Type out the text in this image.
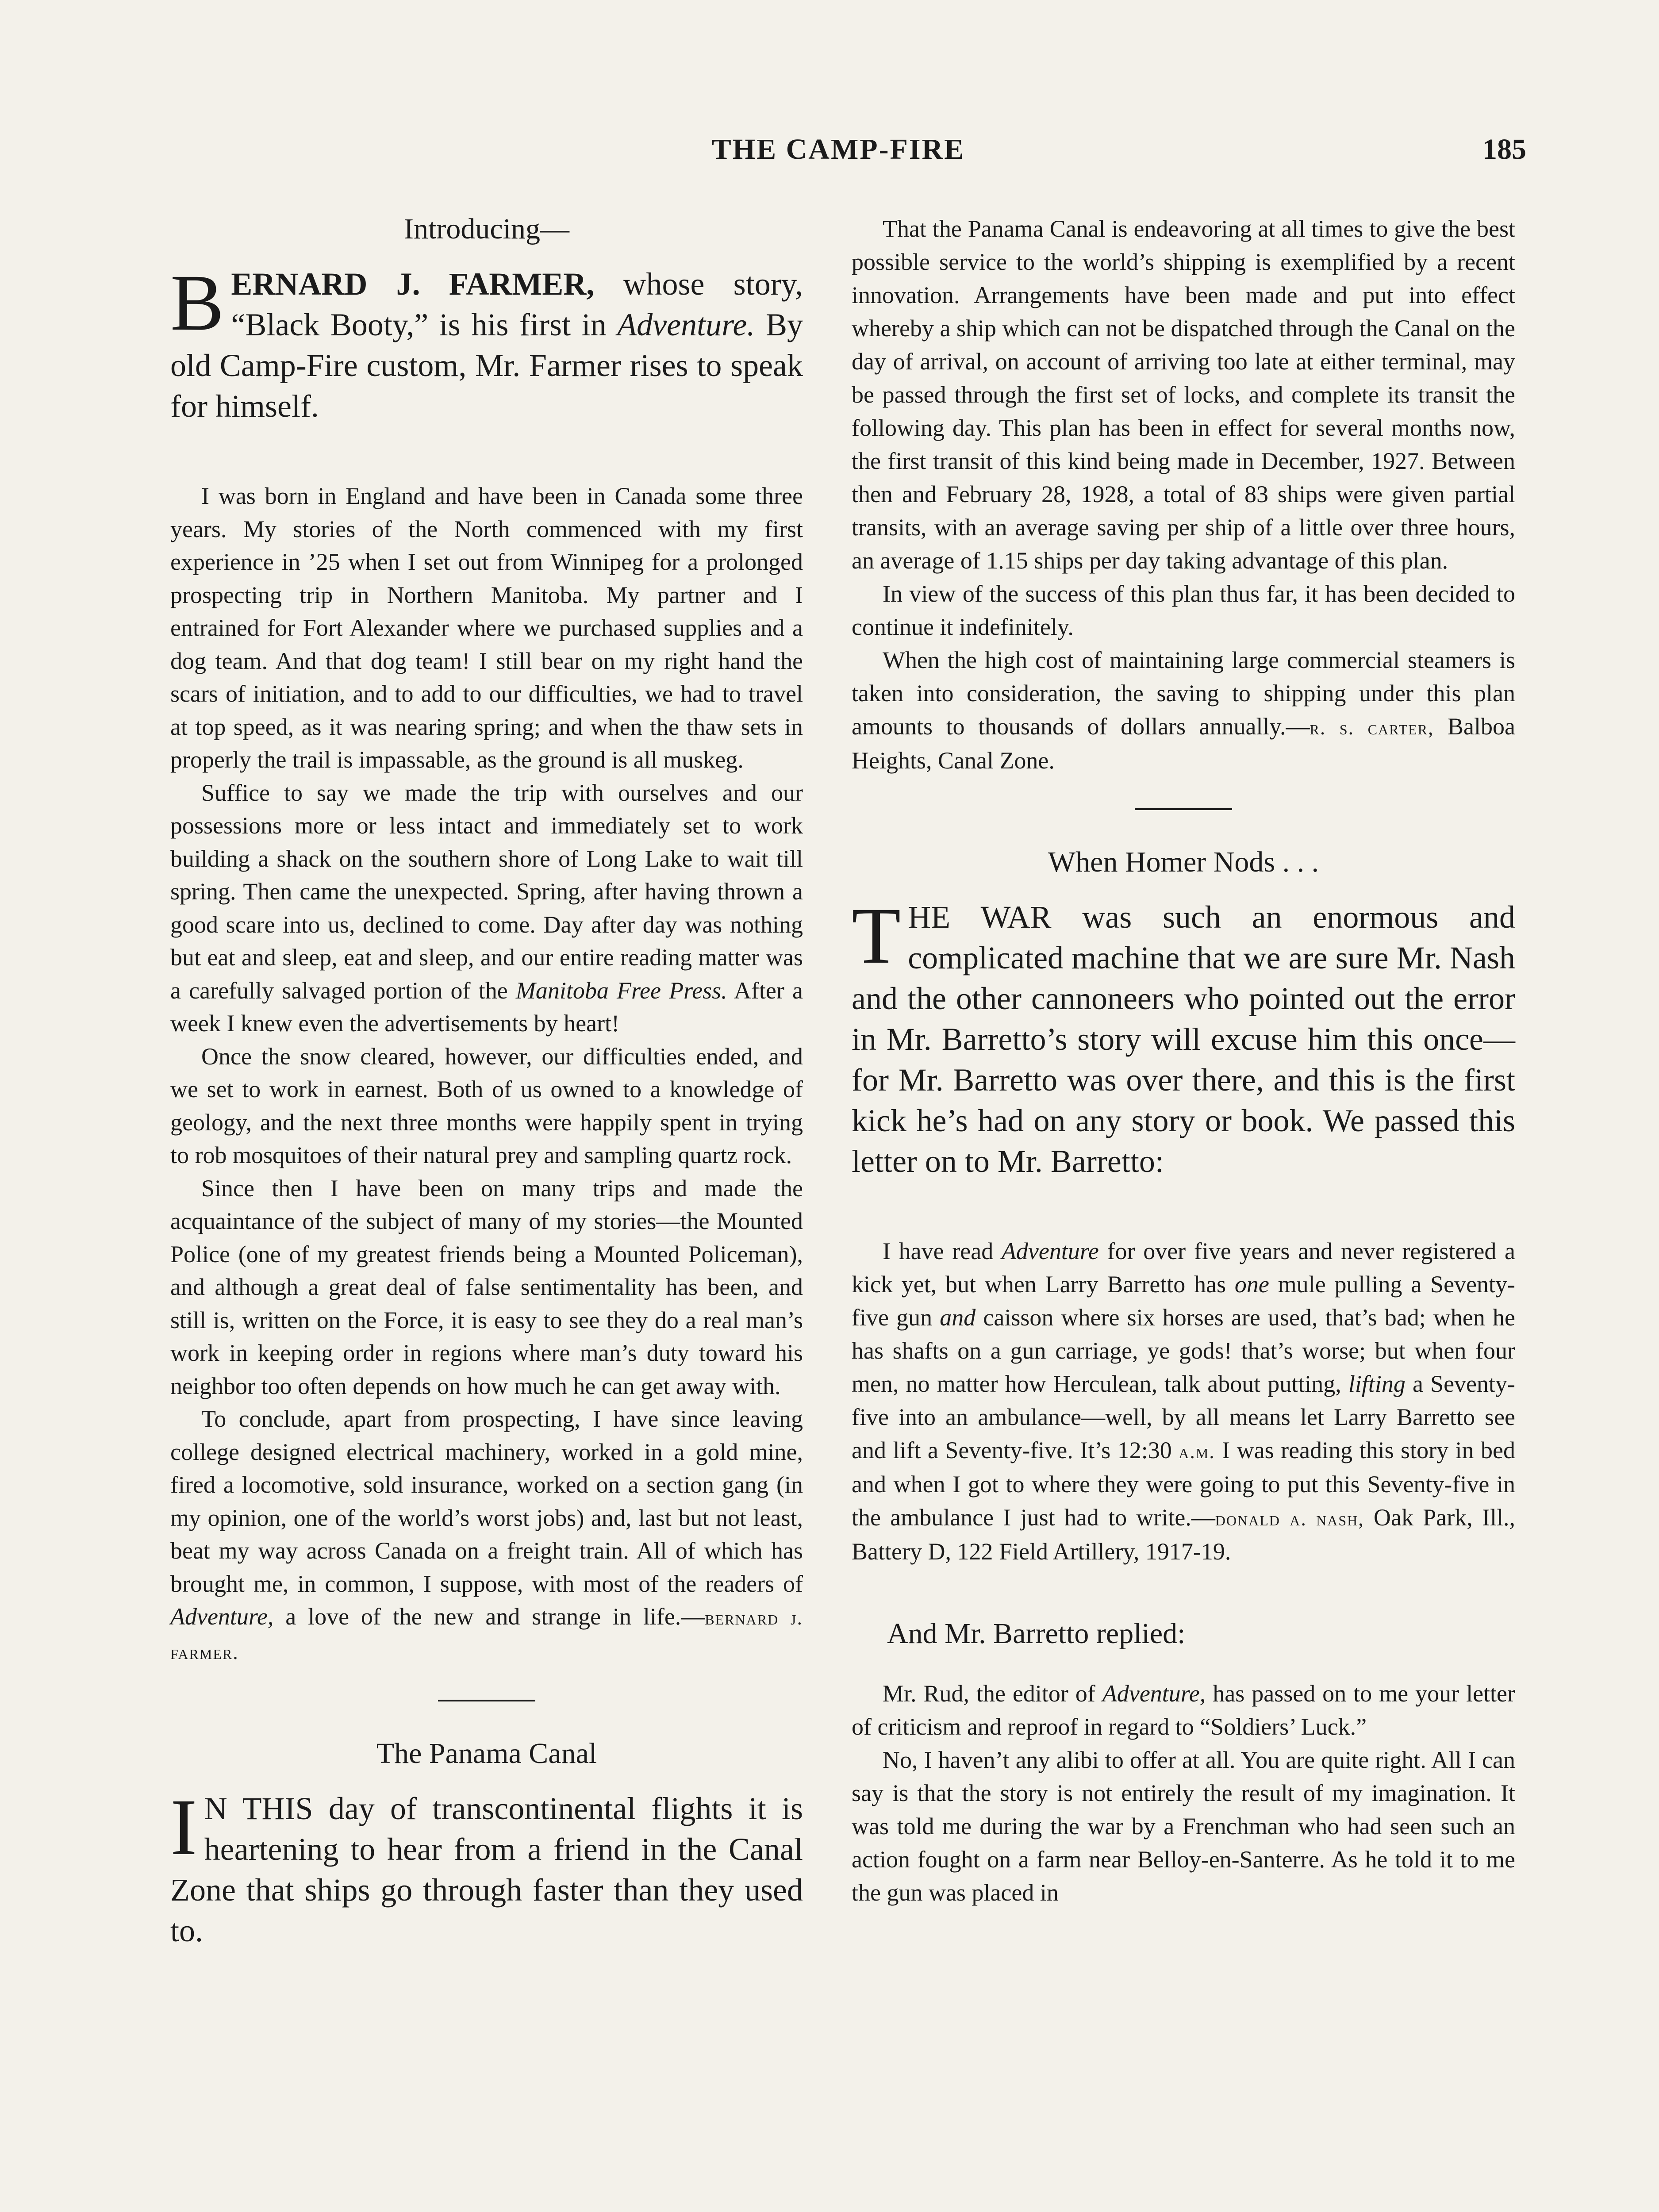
THE CAMP-FIRE	185
Introducing—
BERNARD J. FARMER, whose story, “Black Booty,” is his first in Adventure. By old Camp-Fire custom, Mr. Farmer rises to speak for himself.

I was born in England and have been in Canada some three years. My stories of the North commenced with my first experience in ’25 when I set out from Winnipeg for a prolonged prospecting trip in Northern Manitoba. My partner and I entrained for Fort Alexander where we purchased supplies and a dog team. And that dog team! I still bear on my right hand the scars of initiation, and to add to our difficulties, we had to travel at top speed, as it was nearing spring; and when the thaw sets in properly the trail is impassable, as the ground is all muskeg.

Suffice to say we made the trip with ourselves and our possessions more or less intact and immediately set to work building a shack on the southern shore of Long Lake to wait till spring. Then came the unexpected. Spring, after having thrown a good scare into us, declined to come. Day after day was nothing but eat and sleep, eat and sleep, and our entire reading matter was a carefully salvaged portion of the Manitoba Free Press. After a week I knew even the advertisements by heart!

Once the snow cleared, however, our difficulties ended, and we set to work in earnest. Both of us owned to a knowledge of geology, and the next three months were happily spent in trying to rob mosquitoes of their natural prey and sampling quartz rock.

Since then I have been on many trips and made the acquaintance of the subject of many of my stories—the Mounted Police (one of my greatest friends being a Mounted Policeman), and although a great deal of false sentimentality has been, and still is, written on the Force, it is easy to see they do a real man’s work in keeping order in regions where man’s duty toward his neighbor too often depends on how much he can get away with.

To conclude, apart from prospecting, I have since leaving college designed electrical machinery, worked in a gold mine, fired a locomotive, sold insurance, worked on a section gang (in my opinion, one of the world’s worst jobs) and, last but not least, beat my way across Canada on a freight train. All of which has brought me, in common, I suppose, with most of the readers of Adventure, a love of the new and strange in life.—bernard j. farmer.

The Panama Canal
I N THIS day of transcontinental flights it is heartening to hear from a friend in the Canal Zone that ships go through faster than they used to.

That the Panama Canal is endeavoring at all times to give the best possible service to the world’s shipping is exemplified by a recent innovation. Arrangements have been made and put into effect whereby a ship which can not be dispatched through the Canal on the day of arrival, on account of arriving too late at either terminal, may be passed through the first set of locks, and complete its transit the following day. This plan has been in effect for several months now, the first transit of this kind being made in December, 1927. Between then and February 28, 1928, a total of 83 ships were given partial transits, with an average saving per ship of a little over three hours, an average of 1.15 ships per day taking advantage of this plan.

In view of the success of this plan thus far, it has been decided to continue it indefinitely.

When the high cost of maintaining large commercial steamers is taken into consideration, the saving to shipping under this plan amounts to thousands of dollars annually.—r. s. carter, Balboa Heights, Canal Zone.

When Homer Nods . . .
THE WAR was such an enormous and complicated machine that we are sure Mr. Nash and the other cannoneers who pointed out the error in Mr. Barretto’s story will excuse him this once—for Mr. Barretto was over there, and this is the first kick he’s had on any story or book. We passed this letter on to Mr. Barretto:

I have read Adventure for over five years and never registered a kick yet, but when Larry Barretto has one mule pulling a Seventy-five gun and caisson where six horses are used, that’s bad; when he has shafts on a gun carriage, ye gods! that’s worse; but when four men, no matter how Herculean, talk about putting, lifting a Seventy-five into an ambulance—well, by all means let Larry Barretto see and lift a Seventy-five. It’s 12:30 a.m. I was reading this story in bed and when I got to where they were going to put this Seventy-five in the ambulance I just had to write.—donald a. nash, Oak Park, Ill., Battery D, 122 Field Artillery, 1917-19.

And Mr. Barretto replied:

Mr. Rud, the editor of Adventure, has passed on to me your letter of criticism and reproof in regard to “Soldiers’ Luck.”

No, I haven’t any alibi to offer at all. You are quite right. All I can say is that the story is not entirely the result of my imagination. It was told me during the war by a Frenchman who had seen such an action fought on a farm near Belloy-en-Santerre. As he told it to me the gun was placed in
